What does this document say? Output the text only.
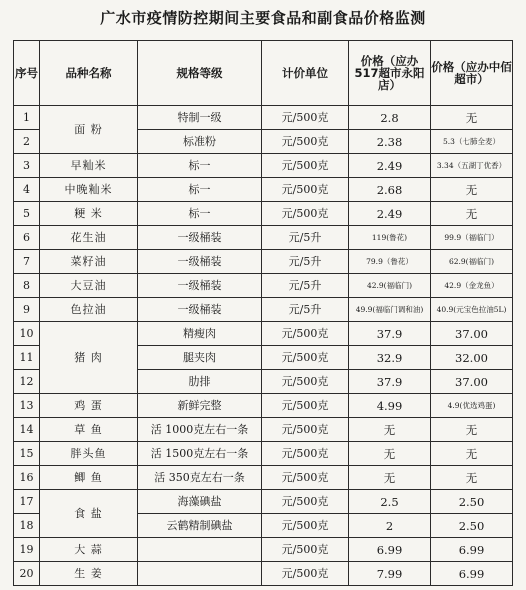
广水市疫情防控期间主要食品和副食品价格监测
序号	品种名称	规格等级	计价单位	价格（应办517超市永阳店）	价格（应办中佰超市）
1	面 粉	特制一级	元/500克	2.8	无
2		标准粉	元/500克	2.38	5.3（七肺全麦）
3	早籼米	标一	元/500克	2.49	3.34（五湖丁优香）
4	中晚籼米	标一	元/500克	2.68	无
5	粳 米	标一	元/500克	2.49	无
6	花生油	一级桶装	元/5升	119(鲁花)	99.9（福临门）
7	菜籽油	一级桶装	元/5升	79.9（鲁花）	62.9(福临门)
8	大豆油	一级桶装	元/5升	42.9(福临门)	42.9（金龙鱼）
9	色拉油	一级桶装	元/5升	49.9(福临门调和油)	40.9(元宝色拉油5L)
10	猪 肉	精瘦肉	元/500克	37.9	37.00
11		腿夹肉	元/500克	32.9	32.00
12		肋排	元/500克	37.9	37.00
13	鸡 蛋	新鲜完整	元/500克	4.99	4.9(优选鸡蛋)
14	草 鱼	活 1000克左右一条	元/500克	无	无
15	胖头鱼	活 1500克左右一条	元/500克	无	无
16	鲫 鱼	活 350克左右一条	元/500克	无	无
17	食 盐	海藻碘盐	元/500克	2.5	2.50
18		云鹤精制碘盐	元/500克	2	2.50
19	大 蒜		元/500克	6.99	6.99
20	生 姜		元/500克	7.99	6.99
